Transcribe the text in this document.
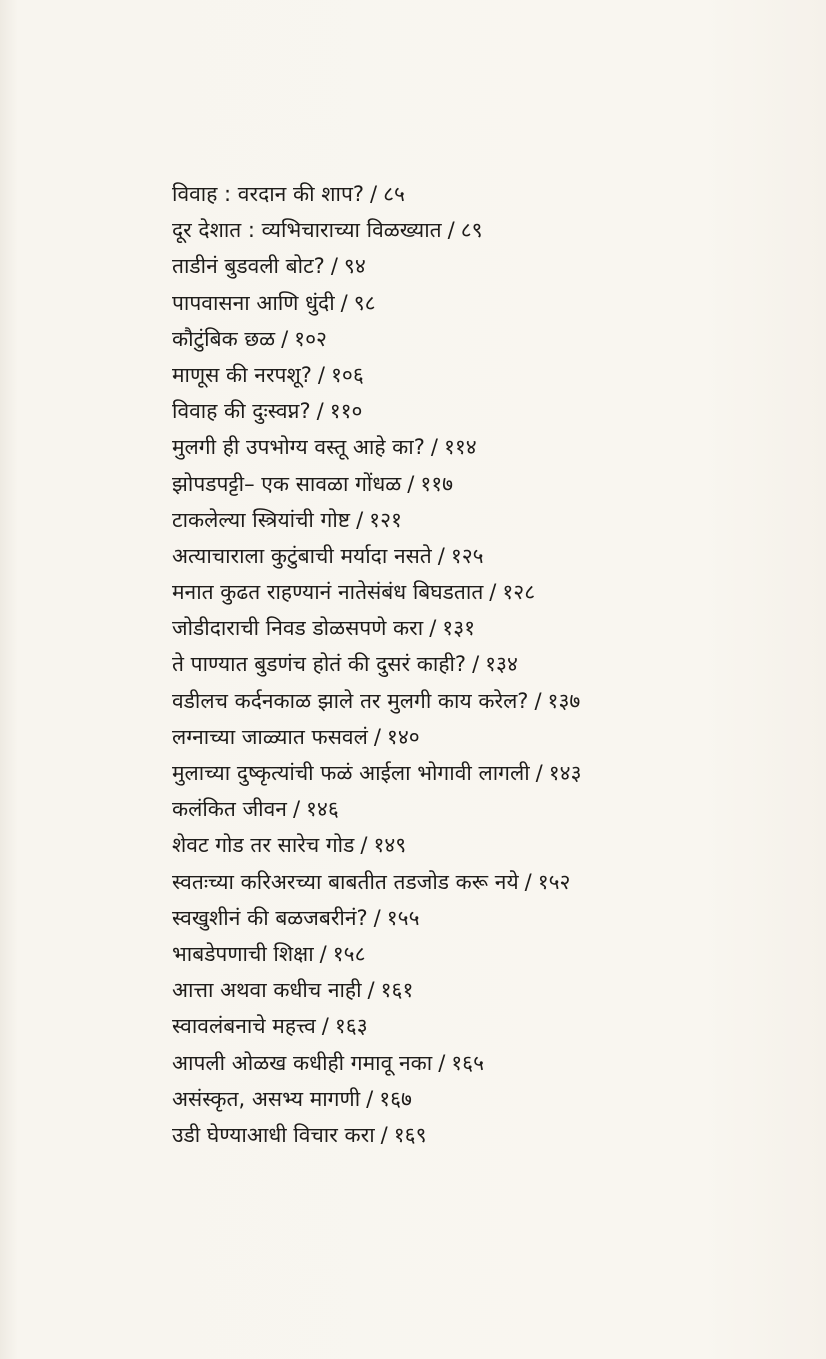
विवाह : वरदान की शाप? / ८५
दूर देशात : व्यभिचाराच्या विळख्यात / ८९
ताडीनं बुडवली बोट? / ९४
पापवासना आणि धुंदी / ९८
कौटुंबिक छळ / १०२
माणूस की नरपशू? / १०६
विवाह की दुःस्वप्न? / ११०
मुलगी ही उपभोग्य वस्तू आहे का? / ११४
झोपडपट्टी– एक सावळा गोंधळ / ११७
टाकलेल्या स्त्रियांची गोष्ट / १२१
अत्याचाराला कुटुंबाची मर्यादा नसते / १२५
मनात कुढत राहण्यानं नातेसंबंध बिघडतात / १२८
जोडीदाराची निवड डोळसपणे करा / १३१
ते पाण्यात बुडणंच होतं की दुसरं काही? / १३४
वडीलच कर्दनकाळ झाले तर मुलगी काय करेल? / १३७
लग्नाच्या जाळ्यात फसवलं / १४०
मुलाच्या दुष्कृत्यांची फळं आईला भोगावी लागली / १४३
कलंकित जीवन / १४६
शेवट गोड तर सारेच गोड / १४९
स्वतःच्या करिअरच्या बाबतीत तडजोड करू नये / १५२
स्वखुशीनं की बळजबरीनं? / १५५
भाबडेपणाची शिक्षा / १५८
आत्ता अथवा कधीच नाही / १६१
स्वावलंबनाचे महत्त्व / १६३
आपली ओळख कधीही गमावू नका / १६५
असंस्कृत, असभ्य मागणी / १६७
उडी घेण्याआधी विचार करा / १६९
